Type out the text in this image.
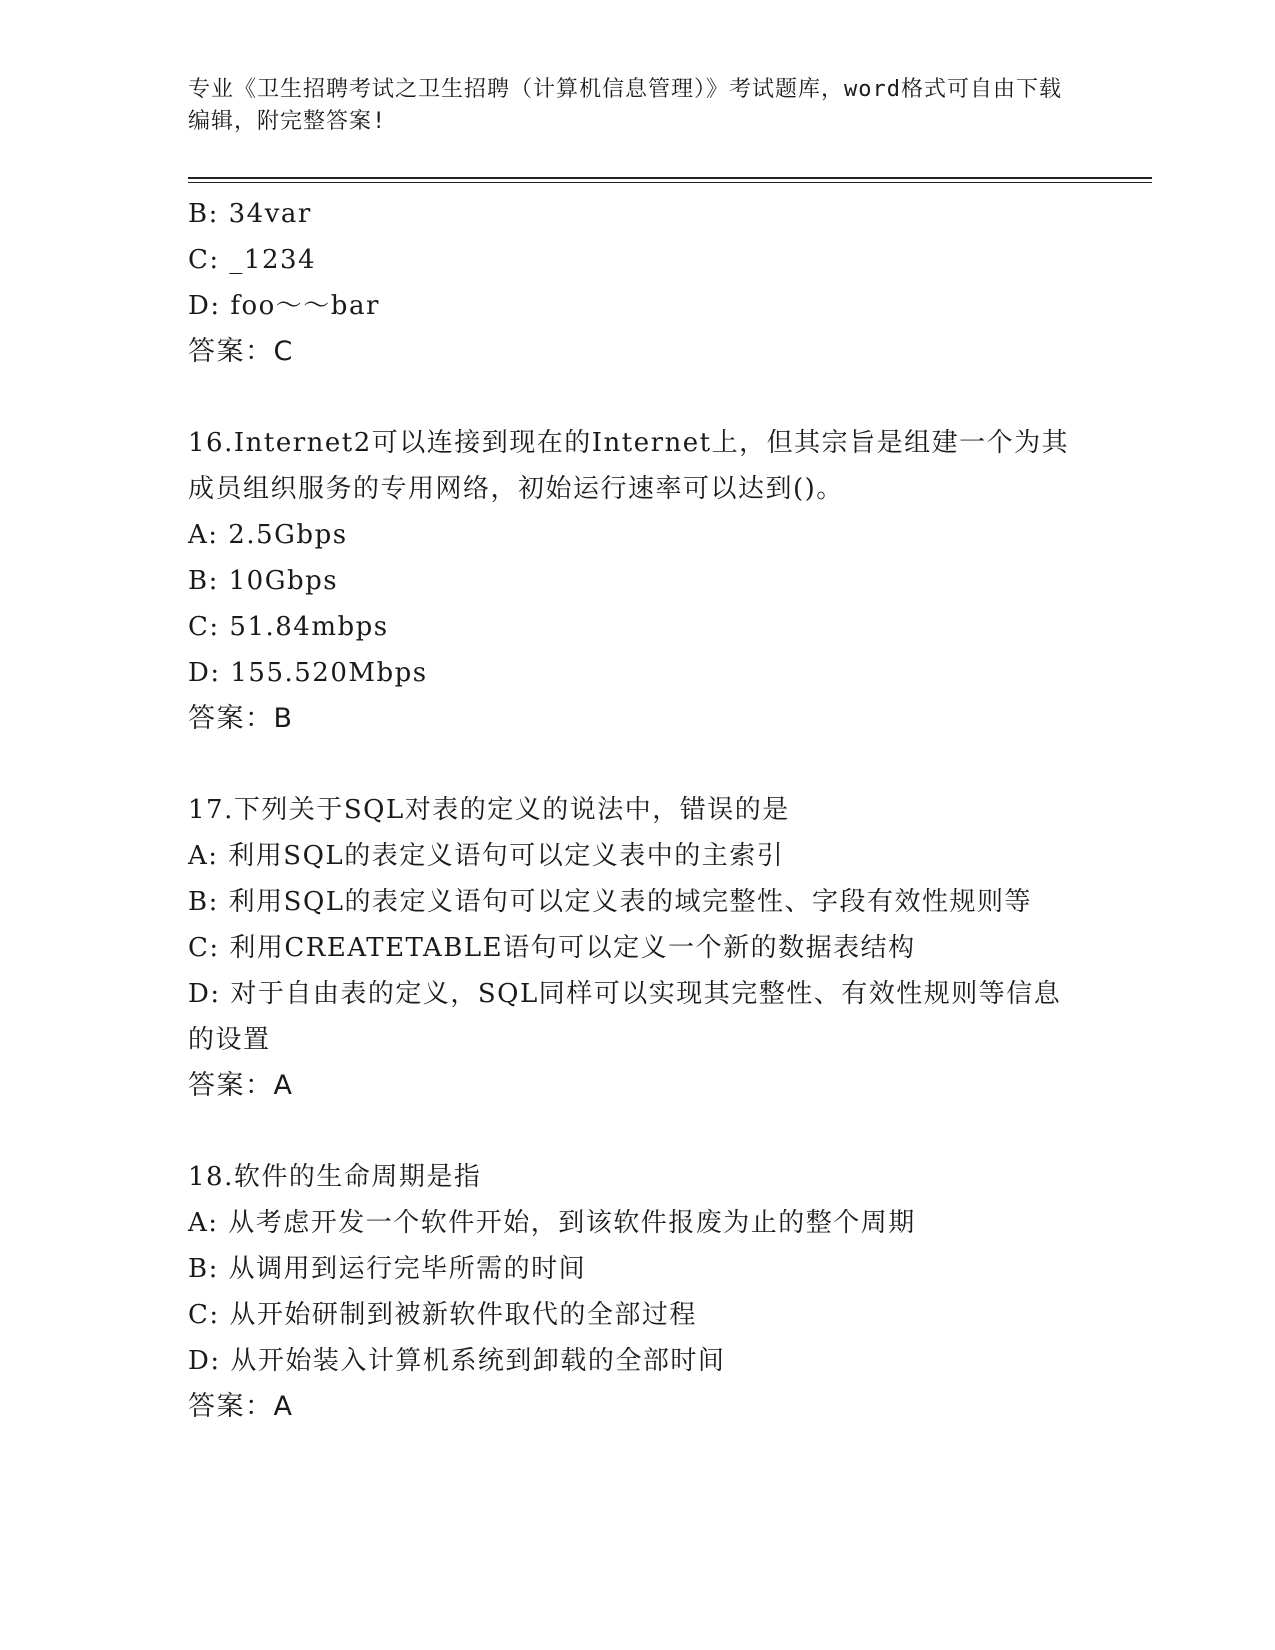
专业《卫生招聘考试之卫生招聘（计算机信息管理）》考试题库，word格式可自由下载编辑，附完整答案!
B: 34var
C: _1234
D: foo～～bar
答案：C
16.Internet2可以连接到现在的Internet上，但其宗旨是组建一个为其成员组织服务的专用网络，初始运行速率可以达到()。
A: 2.5Gbps
B: 10Gbps
C: 51.84mbps
D: 155.520Mbps
答案：B
17.下列关于SQL对表的定义的说法中，错误的是
A: 利用SQL的表定义语句可以定义表中的主索引
B: 利用SQL的表定义语句可以定义表的域完整性、字段有效性规则等
C: 利用CREATETABLE语句可以定义一个新的数据表结构
D: 对于自由表的定义，SQL同样可以实现其完整性、有效性规则等信息的设置
答案：A
18.软件的生命周期是指
A: 从考虑开发一个软件开始，到该软件报废为止的整个周期
B: 从调用到运行完毕所需的时间
C: 从开始研制到被新软件取代的全部过程
D: 从开始装入计算机系统到卸载的全部时间
答案：A
